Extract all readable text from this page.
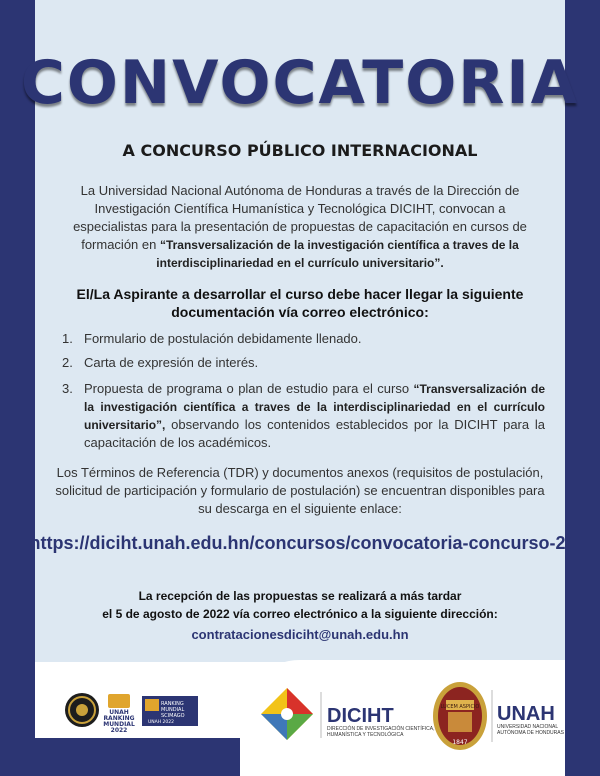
CONVOCATORIA
A CONCURSO PÚBLICO INTERNACIONAL
La Universidad Nacional Autónoma de Honduras a través de la Dirección de Investigación Científica Humanística y Tecnológica DICIHT, convocan a especialistas para la presentación de propuestas de capacitación en cursos de formación en “Transversalización de la investigación científica a traves de la interdisciplinariedad en el currículo universitario”.
El/La Aspirante a desarrollar el curso debe hacer llegar la siguiente documentación vía correo electrónico:
1. Formulario de postulación debidamente llenado.
2. Carta de expresión de interés.
3. Propuesta de programa o plan de estudio para el curso “Transversalización de la investigación científica a traves de la interdisciplinariedad en el currículo universitario”, observando los contenidos establecidos por la DICIHT para la capacitación de los académicos.
Los Términos de Referencia (TDR) y documentos anexos (requisitos de postulación, solicitud de participación y formulario de postulación) se encuentran disponibles para su descarga en el siguiente enlace:
https://diciht.unah.edu.hn/concursos/convocatoria-concurso-2/
La recepción de las propuestas se realizará a más tardar
el 5 de agosto de 2022 vía correo electrónico a la siguiente dirección:
contratacionesdiciht@unah.edu.hn
UNAH
RANKING
MUNDIAL
2022
RANKING
MUNDIAL
SCIMAGO
UNAH 2022	DICIHT
DIRECCIÓN DE INVESTIGACIÓN CIENTÍFICA,
HUMANÍSTICA Y TECNOLÓGICA
LUCEM ASPICIO
1847
UNAH
UNIVERSIDAD NACIONAL
AUTÓNOMA DE HONDURAS
